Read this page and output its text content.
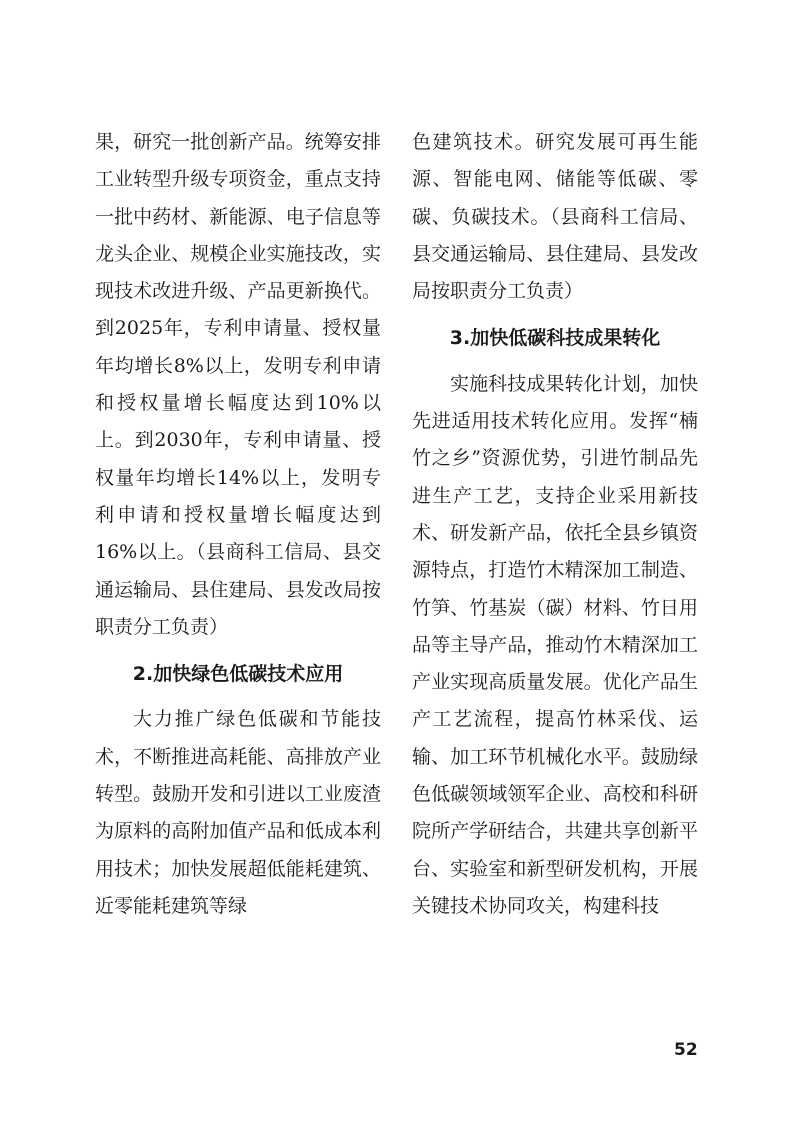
果，研究一批创新产品。统筹安排工业转型升级专项资金，重点支持一批中药材、新能源、电子信息等龙头企业、规模企业实施技改，实现技术改进升级、产品更新换代。到2025年，专利申请量、授权量年均增长8%以上，发明专利申请和授权量增长幅度达到10%以上。到2030年，专利申请量、授权量年均增长14%以上，发明专利申请和授权量增长幅度达到16%以上。（县商科工信局、县交通运输局、县住建局、县发改局按职责分工负责）

2.加快绿色低碳技术应用

大力推广绿色低碳和节能技术，不断推进高耗能、高排放产业转型。鼓励开发和引进以工业废渣为原料的高附加值产品和低成本利用技术；加快发展超低能耗建筑、近零能耗建筑等绿

色建筑技术。研究发展可再生能源、智能电网、储能等低碳、零碳、负碳技术。（县商科工信局、县交通运输局、县住建局、县发改局按职责分工负责）

3.加快低碳科技成果转化

实施科技成果转化计划，加快先进适用技术转化应用。发挥“楠竹之乡”资源优势，引进竹制品先进生产工艺，支持企业采用新技术、研发新产品，依托全县乡镇资源特点，打造竹木精深加工制造、竹笋、竹基炭（碳）材料、竹日用品等主导产品，推动竹木精深加工产业实现高质量发展。优化产品生产工艺流程，提高竹林采伐、运输、加工环节机械化水平。鼓励绿色低碳领域领军企业、高校和科研院所产学研结合，共建共享创新平台、实验室和新型研发机构，开展关键技术协同攻关，构建科技

52
